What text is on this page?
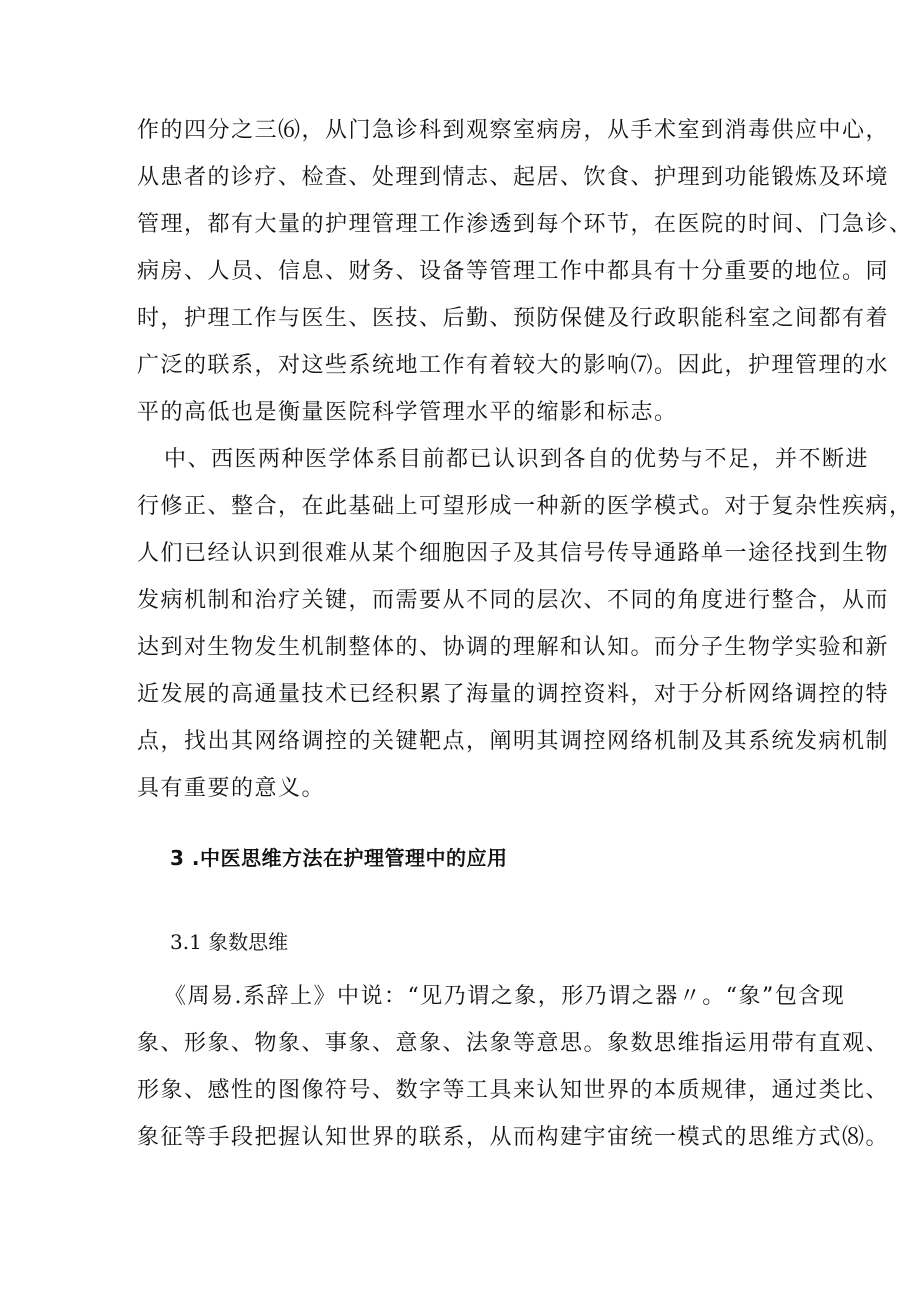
作的四分之三⑹，从门急诊科到观察室病房，从手术室到消毒供应中心，
从患者的诊疗、检查、处理到情志、起居、饮食、护理到功能锻炼及环境
管理，都有大量的护理管理工作渗透到每个环节，在医院的时间、门急诊、
病房、人员、信息、财务、设备等管理工作中都具有十分重要的地位。同
时，护理工作与医生、医技、后勤、预防保健及行政职能科室之间都有着
广泛的联系，对这些系统地工作有着较大的影响⑺。因此，护理管理的水
平的高低也是衡量医院科学管理水平的缩影和标志。
中、西医两种医学体系目前都已认识到各自的优势与不足，并不断进
行修正、整合，在此基础上可望形成一种新的医学模式。对于复杂性疾病，
人们已经认识到很难从某个细胞因子及其信号传导通路单一途径找到生物
发病机制和治疗关键，而需要从不同的层次、不同的角度进行整合，从而
达到对生物发生机制整体的、协调的理解和认知。而分子生物学实验和新
近发展的高通量技术已经积累了海量的调控资料，对于分析网络调控的特
点，找出其网络调控的关键靶点，阐明其调控网络机制及其系统发病机制
具有重要的意义。
3 .中医思维方法在护理管理中的应用
3.1 象数思维
《周易.系辞上》中说：“见乃谓之象，形乃谓之器〃。“象”包含现
象、形象、物象、事象、意象、法象等意思。象数思维指运用带有直观、
形象、感性的图像符号、数字等工具来认知世界的本质规律，通过类比、
象征等手段把握认知世界的联系，从而构建宇宙统一模式的思维方式⑻。
